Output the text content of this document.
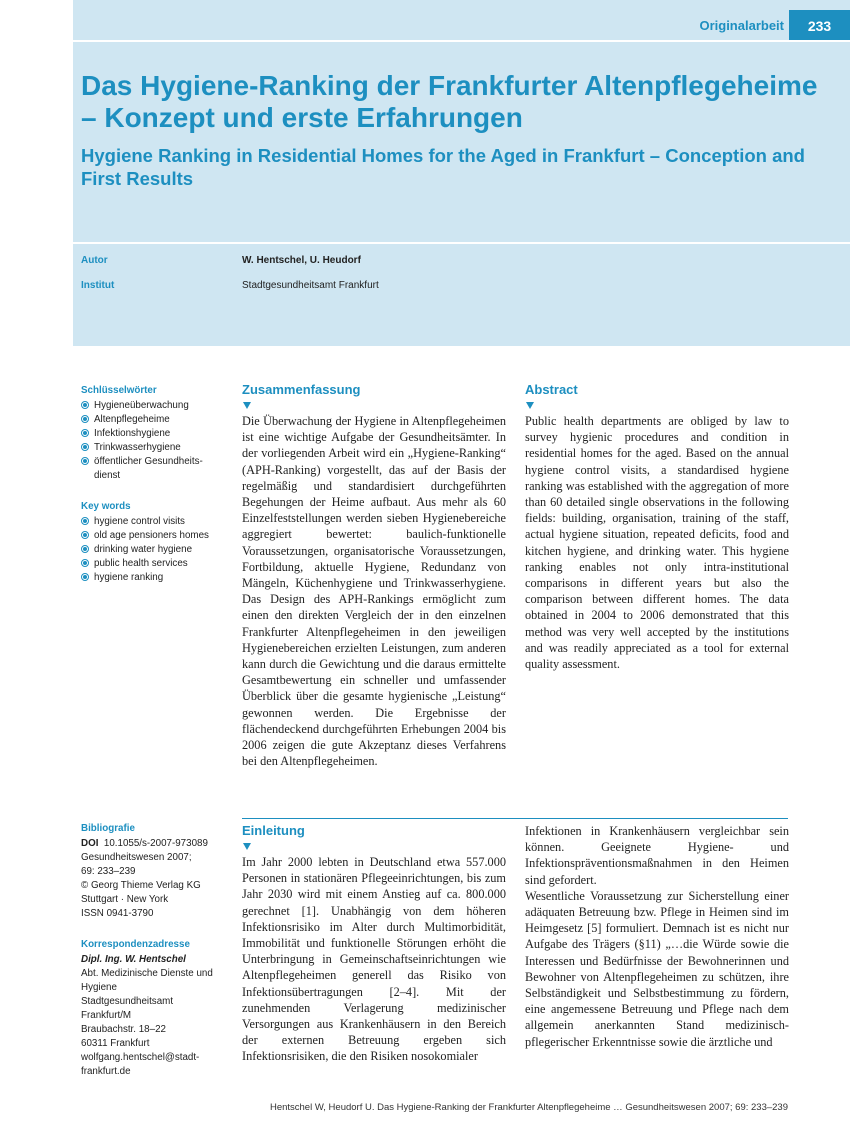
Originalarbeit	233
Das Hygiene-Ranking der Frankfurter Altenpflegeheime – Konzept und erste Erfahrungen
Hygiene Ranking in Residential Homes for the Aged in Frankfurt – Conception and First Results
Autor	W. Hentschel, U. Heudorf
Institut	Stadtgesundheitsamt Frankfurt
Schlüsselwörter
Hygieneüberwachung
Altenpflegeheime
Infektionshygiene
Trinkwasserhygiene
öffentlicher Gesundheitsdienst
Key words
hygiene control visits
old age pensioners homes
drinking water hygiene
public health services
hygiene ranking
Zusammenfassung

Die Überwachung der Hygiene in Altenpflegeheimen ist eine wichtige Aufgabe der Gesundheitsämter. In der vorliegenden Arbeit wird ein „Hygiene-Ranking“ (APH-Ranking) vorgestellt, das auf der Basis der regelmäßig und standardisiert durchgeführten Begehungen der Heime aufbaut. Aus mehr als 60 Einzelfeststellungen werden sieben Hygienebereiche aggregiert bewertet: baulich-funktionelle Voraussetzungen, organisatorische Voraussetzungen, Fortbildung, aktuelle Hygiene, Redundanz von Mängeln, Küchenhygiene und Trinkwasserhygiene. Das Design des APH-Rankings ermöglicht zum einen den direkten Vergleich der in den einzelnen Frankfurter Altenpflegeheimen in den jeweiligen Hygienebereichen erzielten Leistungen, zum anderen kann durch die Gewichtung und die daraus ermittelte Gesamtbewertung ein schneller und umfassender Überblick über die gesamte hygienische „Leistung“ gewonnen werden. Die Ergebnisse der flächendeckend durchgeführten Erhebungen 2004 bis 2006 zeigen die gute Akzeptanz dieses Verfahrens bei den Altenpflegeheimen.

Abstract

Public health departments are obliged by law to survey hygienic procedures and condition in residential homes for the aged. Based on the annual hygiene control visits, a standardised hygiene ranking was established with the aggregation of more than 60 detailed single observations in the following fields: building, organisation, training of the staff, actual hygiene situation, repeated deficits, food and kitchen hygiene, and drinking water. This hygiene ranking enables not only intra-institutional comparisons in different years but also the comparison between different homes. The data obtained in 2004 to 2006 demonstrated that this method was very well accepted by the institutions and was readily appreciated as a tool for external quality assessment.

Bibliografie
DOI 10.1055/s-2007-973089
Gesundheitswesen 2007;
69: 233–239
© Georg Thieme Verlag KG
Stuttgart · New York
ISSN 0941-3790
Korrespondenzadresse
Dipl. Ing. W. Hentschel
Abt. Medizinische Dienste und
Hygiene
Stadtgesundheitsamt
Frankfurt/M
Braubachstr. 18–22
60311 Frankfurt
wolfgang.hentschel@stadt-
frankfurt.de
Einleitung

Im Jahr 2000 lebten in Deutschland etwa 557.000 Personen in stationären Pflegeeinrichtungen, bis zum Jahr 2030 wird mit einem Anstieg auf ca. 800.000 gerechnet [1]. Unabhängig von dem höheren Infektionsrisiko im Alter durch Multimorbidität, Immobilität und funktionelle Störungen erhöht die Unterbringung in Gemeinschaftseinrichtungen wie Altenpflegeheimen generell das Risiko von Infektionsübertragungen [2–4]. Mit der zunehmenden Verlagerung medizinischer Versorgungen aus Krankenhäusern in den Bereich der externen Betreuung ergeben sich Infektionsrisiken, die den Risiken nosokomialer

Infektionen in Krankenhäusern vergleichbar sein können. Geeignete Hygiene- und Infektionspräventionsmaßnahmen in den Heimen sind gefordert.

Wesentliche Voraussetzung zur Sicherstellung einer adäquaten Betreuung bzw. Pflege in Heimen sind im Heimgesetz [5] formuliert. Demnach ist es nicht nur Aufgabe des Trägers (§11) „…die Würde sowie die Interessen und Bedürfnisse der Bewohnerinnen und Bewohner von Altenpflegeheimen zu schützen, ihre Selbständigkeit und Selbstbestimmung zu fördern, eine angemessene Betreuung und Pflege nach dem allgemein anerkannten Stand medizinisch-pflegerischer Erkenntnisse sowie die ärztliche und

Hentschel W, Heudorf U. Das Hygiene-Ranking der Frankfurter Altenpflegeheime … Gesundheitswesen 2007; 69: 233–239
